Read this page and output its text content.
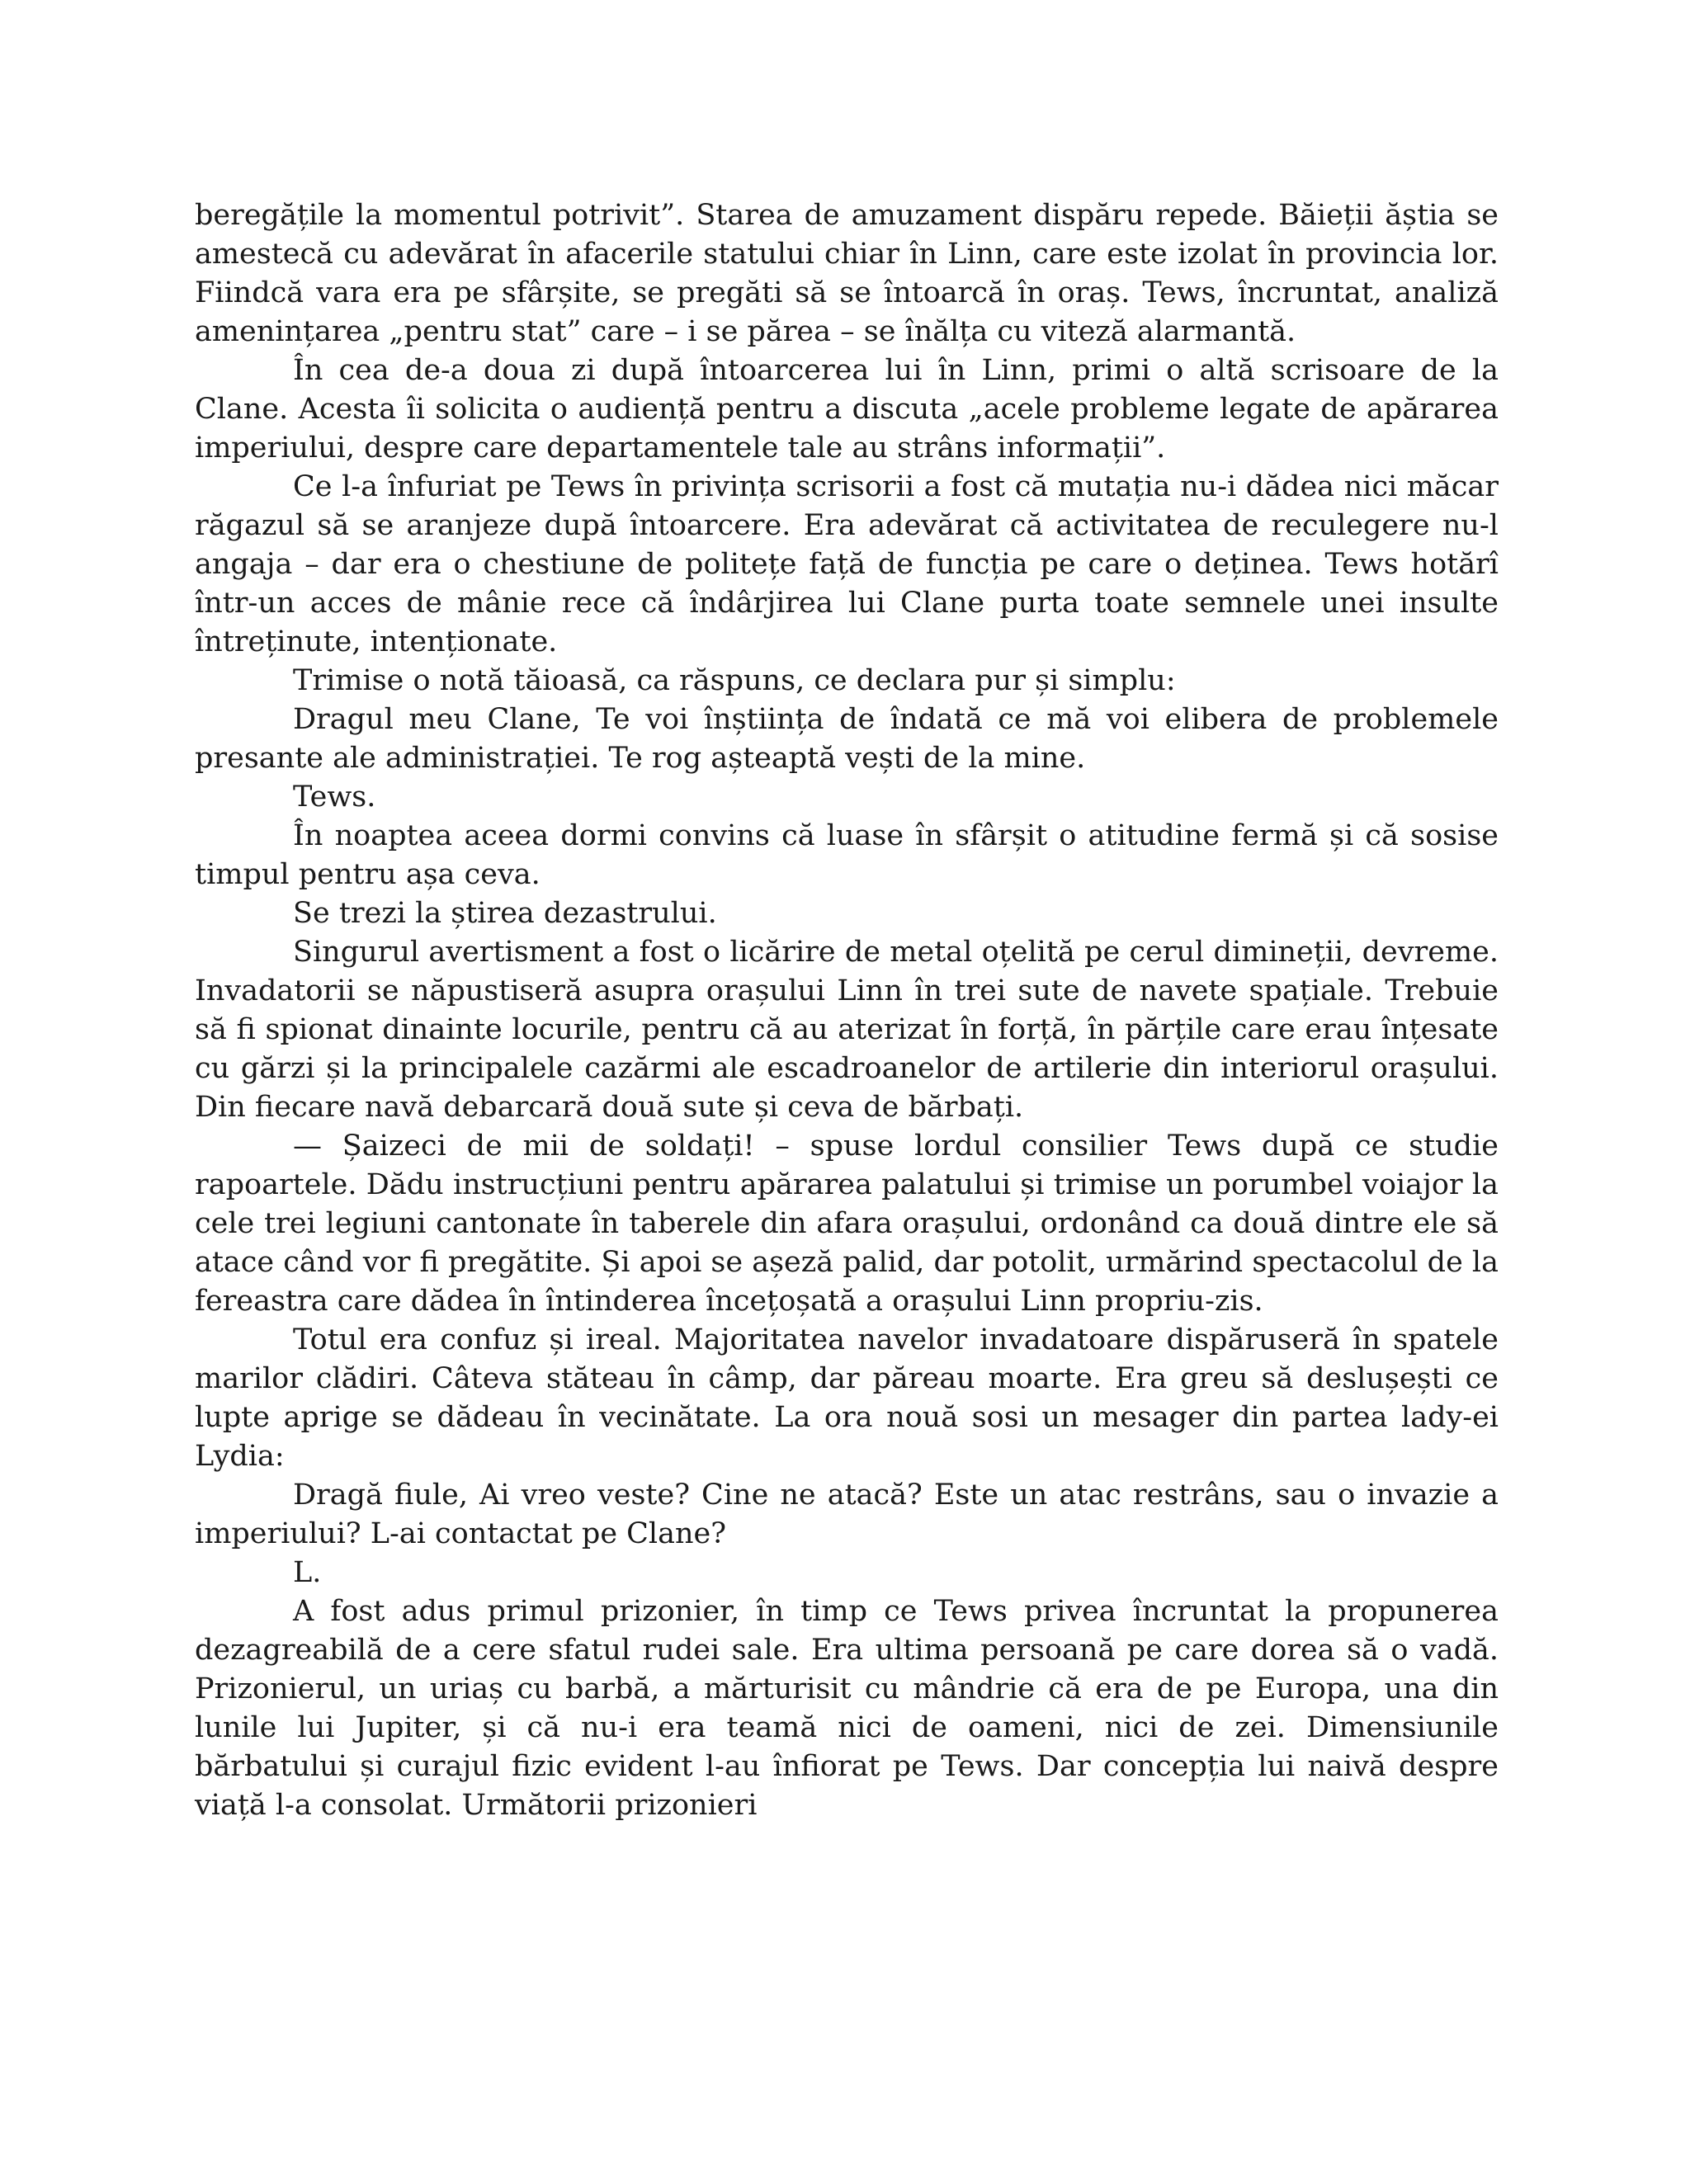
beregățile la momentul potrivit”. Starea de amuzament dispăru repede. Băieții ăștia se amestecă cu adevărat în afacerile statului chiar în Linn, care este izolat în provincia lor. Fiindcă vara era pe sfârșite, se pregăti să se întoarcă în oraș. Tews, încruntat, analiză amenințarea „pentru stat” care – i se părea – se înălța cu viteză alarmantă.

În cea de-a doua zi după întoarcerea lui în Linn, primi o altă scrisoare de la Clane. Acesta îi solicita o audiență pentru a discuta „acele probleme legate de apărarea imperiului, despre care departamentele tale au strâns informații”.

Ce l-a înfuriat pe Tews în privința scrisorii a fost că mutația nu-i dădea nici măcar răgazul să se aranjeze după întoarcere. Era adevărat că activitatea de reculegere nu-l angaja – dar era o chestiune de politețe față de funcția pe care o deținea. Tews hotărî într-un acces de mânie rece că îndârjirea lui Clane purta toate semnele unei insulte întreținute, intenționate.

Trimise o notă tăioasă, ca răspuns, ce declara pur și simplu:

Dragul meu Clane, Te voi înștiința de îndată ce mă voi elibera de problemele presante ale administrației. Te rog așteaptă vești de la mine.

Tews.

În noaptea aceea dormi convins că luase în sfârșit o atitudine fermă și că sosise timpul pentru așa ceva.

Se trezi la știrea dezastrului.

Singurul avertisment a fost o licărire de metal oțelită pe cerul dimineții, devreme. Invadatorii se năpustiseră asupra orașului Linn în trei sute de navete spațiale. Trebuie să fi spionat dinainte locurile, pentru că au aterizat în forță, în părțile care erau înțesate cu gărzi și la principalele cazărmi ale escadroanelor de artilerie din interiorul orașului. Din fiecare navă debarcară două sute și ceva de bărbați.

— Șaizeci de mii de soldați! – spuse lordul consilier Tews după ce studie rapoartele. Dădu instrucțiuni pentru apărarea palatului și trimise un porumbel voiajor la cele trei legiuni cantonate în taberele din afara orașului, ordonând ca două dintre ele să atace când vor fi pregătite. Și apoi se așeză palid, dar potolit, urmărind spectacolul de la fereastra care dădea în întinderea încețoșată a orașului Linn propriu-zis.

Totul era confuz și ireal. Majoritatea navelor invadatoare dispăruseră în spatele marilor clădiri. Câteva stăteau în câmp, dar păreau moarte. Era greu să deslușești ce lupte aprige se dădeau în vecinătate. La ora nouă sosi un mesager din partea lady-ei Lydia:

Dragă fiule, Ai vreo veste? Cine ne atacă? Este un atac restrâns, sau o invazie a imperiului? L-ai contactat pe Clane?

L.

A fost adus primul prizonier, în timp ce Tews privea încruntat la propunerea dezagreabilă de a cere sfatul rudei sale. Era ultima persoană pe care dorea să o vadă. Prizonierul, un uriaș cu barbă, a mărturisit cu mândrie că era de pe Europa, una din lunile lui Jupiter, și că nu-i era teamă nici de oameni, nici de zei. Dimensiunile bărbatului și curajul fizic evident l-au înfiorat pe Tews. Dar concepția lui naivă despre viață l-a consolat. Următorii prizonieri
